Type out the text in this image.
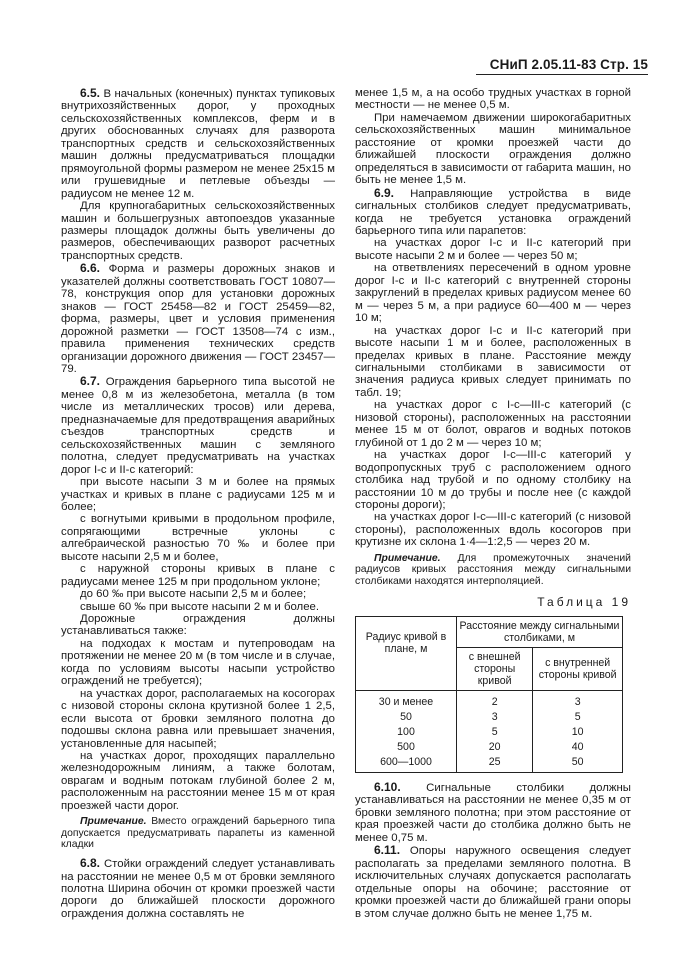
СНиП 2.05.11-83 Стр. 15

6.5. В начальных (конечных) пунктах тупиковых внутрихозяйственных дорог, у проходных сельскохозяйственных комплексов, ферм и в других обоснованных случаях для разворота транспортных средств и сельскохозяйственных машин должны предусматриваться площадки прямоугольной формы размером не менее 25x15 м или грушевидные и петлевые объезды — радиусом не менее 12 м.

Для крупногабаритных сельскохозяйственных машин и большегрузных автопоездов указанные размеры площадок должны быть увеличены до размеров, обеспечивающих разворот расчетных транспортных средств.

6.6. Форма и размеры дорожных знаков и указателей должны соответствовать ГОСТ 10807—78, конструкция опор для установки дорожных знаков — ГОСТ 25458—82 и ГОСТ 25459—82, форма, размеры, цвет и условия применения дорожной разметки — ГОСТ 13508—74 с изм., правила применения технических средств организации дорожного движения — ГОСТ 23457—79.

6.7. Ограждения барьерного типа высотой не менее 0,8 м из железобетона, металла (в том числе из металлических тросов) или дерева, предназначаемые для предотвращения аварийных съездов транспортных средств и сельскохозяйственных машин с земляного полотна, следует предусматривать на участках дорог I-с и II-с категорий:

при высоте насыпи 3 м и более на прямых участках и кривых в плане с радиусами 125 м и более;

с вогнутыми кривыми в продольном профиле, сопрягающими встречные уклоны с алгебраической разностью 70 ‰ и более при высоте насыпи 2,5 м и более,

с наружной стороны кривых в плане с радиусами менее 125 м при продольном уклоне;

до 60 ‰ при высоте насыпи 2,5 м и более;

свыше 60 ‰ при высоте насыпи 2 м и более.

Дорожные ограждения должны устанавливаться также:

на подходах к мостам и путепроводам на протяжении не менее 20 м (в том числе и в случае, когда по условиям высоты насыпи устройство ограждений не требуется);

на участках дорог, располагаемых на косогорах с низовой стороны склона крутизной более 1 2,5, если высота от бровки земляного полотна до подошвы склона равна или превышает значения, установленные для насыпей;

на участках дорог, проходящих параллельно железнодорожным линиям, а также болотам, оврагам и водным потокам глубиной более 2 м, расположенным на расстоянии менее 15 м от края проезжей части дорог.

Примечание. Вместо ограждений барьерного типа допускается предусматривать парапеты из каменной кладки

6.8. Стойки ограждений следует устанавливать на расстоянии не менее 0,5 м от бровки земляного полотна Ширина обочин от кромки проезжей части дороги до ближайшей плоскости дорожного ограждения должна составлять не

менее 1,5 м, а на особо трудных участках в горной местности — не менее 0,5 м.

При намечаемом движении широкогабаритных сельскохозяйственных машин минимальное расстояние от кромки проезжей части до ближайшей плоскости ограждения должно определяться в зависимости от габарита машин, но быть не менее 1,5 м.

6.9. Направляющие устройства в виде сигнальных столбиков следует предусматривать, когда не требуется установка ограждений барьерного типа или парапетов:

на участках дорог I-с и II-с категорий при высоте насыпи 2 м и более — через 50 м;

на ответвлениях пересечений в одном уровне дорог I-с и II-с категорий с внутренней стороны закруглений в пределах кривых радиусом менее 60 м — через 5 м, а при радиусе 60—400 м — через 10 м;

на участках дорог I-с и II-с категорий при высоте насыпи 1 м и более, расположенных в пределах кривых в плане. Расстояние между сигнальными столбиками в зависимости от значения радиуса кривых следует принимать по табл. 19;

на участках дорог с I-с—III-с категорий (с низовой стороны), расположенных на расстоянии менее 15 м от болот, оврагов и водных потоков глубиной от 1 до 2 м — через 10 м;

на участках дорог I-с—III-с категорий у водопропускных труб с расположением одного столбика над трубой и по одному столбику на расстоянии 10 м до трубы и после нее (с каждой стороны дороги);

на участках дорог I-с—III-с категорий (с низовой стороны), расположенных вдоль косогоров при крутизне их склона 1·4—1:2,5 — через 20 м.

Примечание. Для промежуточных значений радиусов кривых расстояния между сигнальными столбиками находятся интерполяцией.

Таблица 19
Радиус кривой в плане, м	Расстояние между сигнальными столбиками, м	
	с внешней стороны кривой	с внутренней стороны кривой
30 и менее	2	3
50	3	5
100	5	10
500	20	40
600—1000	25	50

6.10. Сигнальные столбики должны устанавливаться на расстоянии не менее 0,35 м от бровки земляного полотна; при этом расстояние от края проезжей части до столбика должно быть не менее 0,75 м.

6.11. Опоры наружного освещения следует располагать за пределами земляного полотна. В исключительных случаях допускается располагать отдельные опоры на обочине; расстояние от кромки проезжей части до ближайшей грани опоры в этом случае должно быть не менее 1,75 м.
